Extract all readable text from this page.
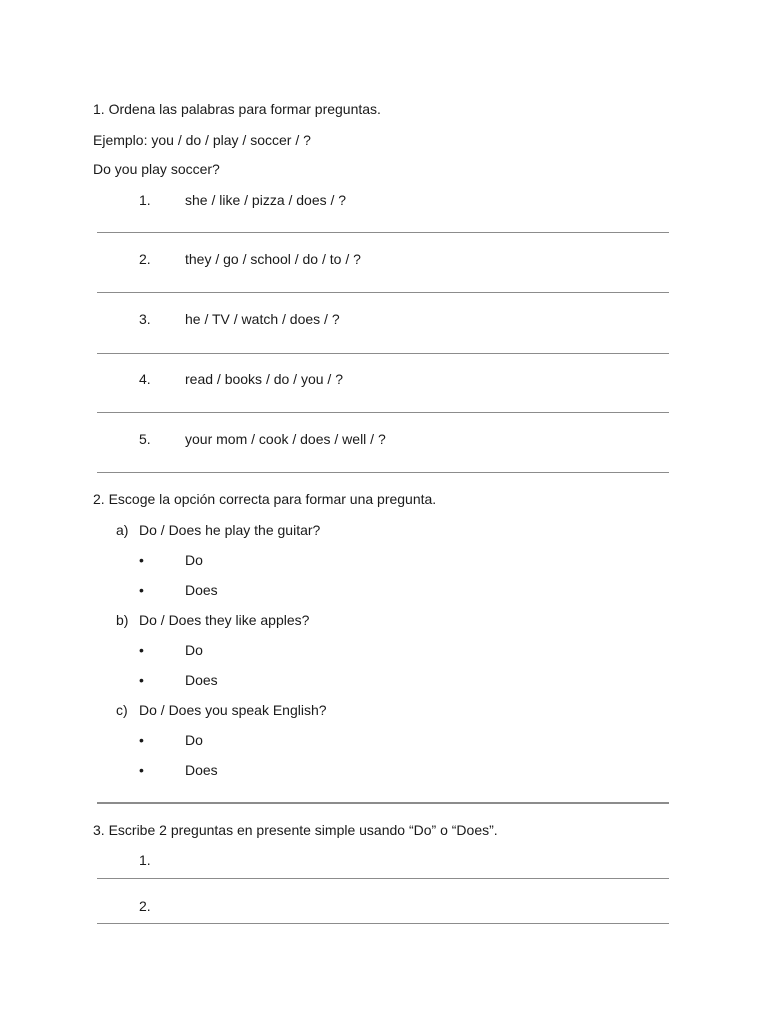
1. Ordena las palabras para formar preguntas.
Ejemplo: you / do / play / soccer / ?
Do you play soccer?
1. she / like / pizza / does / ?
2. they / go / school / do / to / ?
3. he / TV / watch / does / ?
4. read / books / do / you / ?
5. your mom / cook / does / well / ?
2. Escoge la opción correcta para formar una pregunta.
a) Do / Does he play the guitar?
•	Do
•	Does
b) Do / Does they like apples?
•	Do
•	Does
c) Do / Does you speak English?
•	Do
•	Does
3. Escribe 2 preguntas en presente simple usando “Do” o “Does”.
1.
2.
